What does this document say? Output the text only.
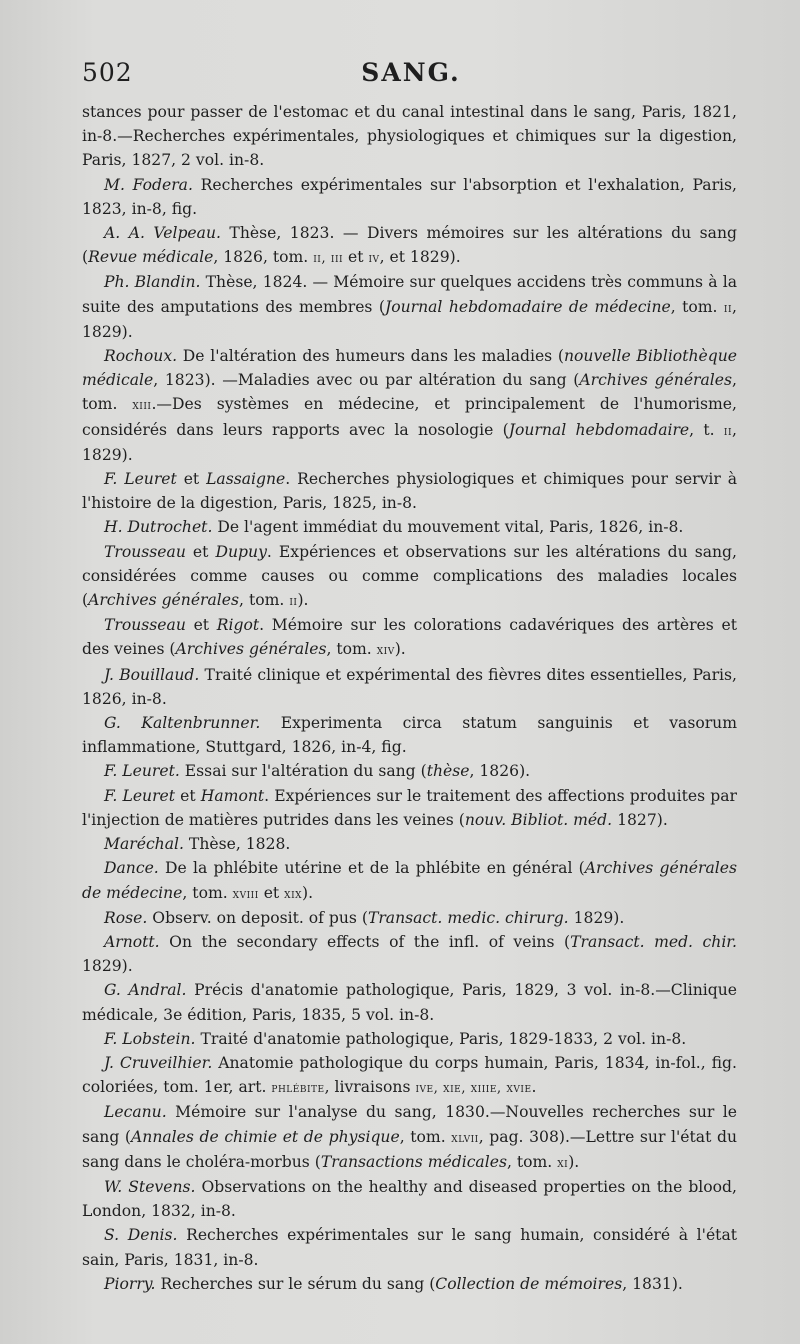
502	SANG.

stances pour passer de l'estomac et du canal intestinal dans le sang, Paris, 1821, in-8.—Recherches expérimentales, physiologiques et chimiques sur la digestion, Paris, 1827, 2 vol. in-8.

M. Fodera. Recherches expérimentales sur l'absorption et l'exhalation, Paris, 1823, in-8, fig.

A. A. Velpeau. Thèse, 1823. — Divers mémoires sur les altérations du sang (Revue médicale, 1826, tom. ii, iii et iv, et 1829).

Ph. Blandin. Thèse, 1824. — Mémoire sur quelques accidens très communs à la suite des amputations des membres (Journal hebdomadaire de médecine, tom. ii, 1829).

Rochoux. De l'altération des humeurs dans les maladies (nouvelle Bibliothèque médicale, 1823). —Maladies avec ou par altération du sang (Archives générales, tom. xiii.—Des systèmes en médecine, et principalement de l'humorisme, considérés dans leurs rapports avec la nosologie (Journal hebdomadaire, t. ii, 1829).

F. Leuret et Lassaigne. Recherches physiologiques et chimiques pour servir à l'histoire de la digestion, Paris, 1825, in-8.

H. Dutrochet. De l'agent immédiat du mouvement vital, Paris, 1826, in-8.

Trousseau et Dupuy. Expériences et observations sur les altérations du sang, considérées comme causes ou comme complications des maladies locales (Archives générales, tom. ii).

Trousseau et Rigot. Mémoire sur les colorations cadavériques des artères et des veines (Archives générales, tom. xiv).

J. Bouillaud. Traité clinique et expérimental des fièvres dites essentielles, Paris, 1826, in-8.

G. Kaltenbrunner. Experimenta circa statum sanguinis et vasorum inflammatione, Stuttgard, 1826, in-4, fig.

F. Leuret. Essai sur l'altération du sang (thèse, 1826).

F. Leuret et Hamont. Expériences sur le traitement des affections produites par l'injection de matières putrides dans les veines (nouv. Bibliot. méd. 1827).

Maréchal. Thèse, 1828.

Dance. De la phlébite utérine et de la phlébite en général (Archives générales de médecine, tom. xviii et xix).

Rose. Observ. on deposit. of pus (Transact. medic. chirurg. 1829).

Arnott. On the secondary effects of the infl. of veins (Transact. med. chir. 1829).

G. Andral. Précis d'anatomie pathologique, Paris, 1829, 3 vol. in-8.—Clinique médicale, 3e édition, Paris, 1835, 5 vol. in-8.

F. Lobstein. Traité d'anatomie pathologique, Paris, 1829-1833, 2 vol. in-8.

J. Cruveilhier. Anatomie pathologique du corps humain, Paris, 1834, in-fol., fig. coloriées, tom. 1er, art. phlébite, livraisons ive, xie, xiiie, xvie.

Lecanu. Mémoire sur l'analyse du sang, 1830.—Nouvelles recherches sur le sang (Annales de chimie et de physique, tom. xlvii, pag. 308).—Lettre sur l'état du sang dans le choléra-morbus (Transactions médicales, tom. xi).

W. Stevens. Observations on the healthy and diseased properties on the blood, London, 1832, in-8.

S. Denis. Recherches expérimentales sur le sang humain, considéré à l'état sain, Paris, 1831, in-8.

Piorry. Recherches sur le sérum du sang (Collection de mémoires, 1831).
